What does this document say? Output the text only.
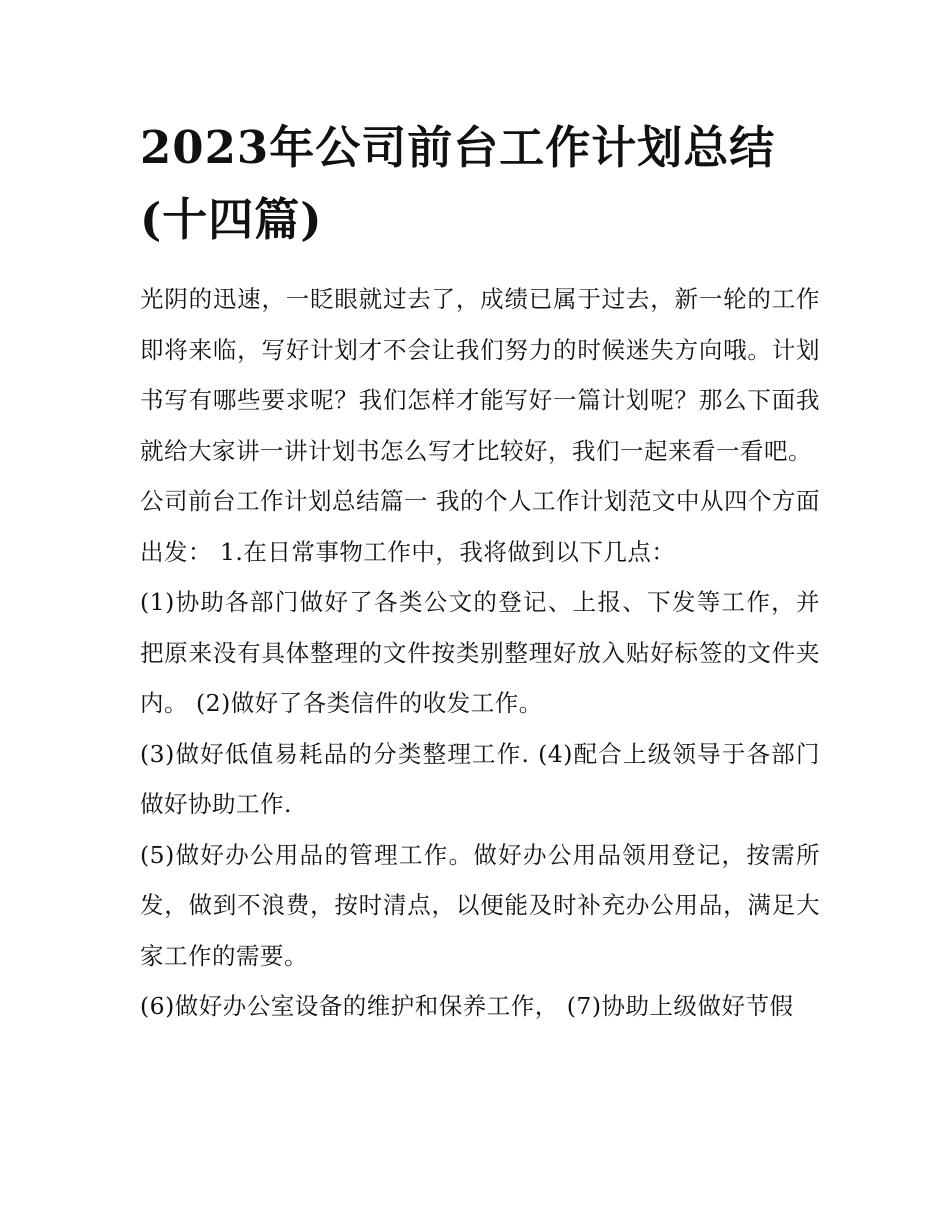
2023年公司前台工作计划总结(十四篇)

光阴的迅速，一眨眼就过去了，成绩已属于过去，新一轮的工作即将来临，写好计划才不会让我们努力的时候迷失方向哦。计划书写有哪些要求呢？我们怎样才能写好一篇计划呢？那么下面我就给大家讲一讲计划书怎么写才比较好，我们一起来看一看吧。

公司前台工作计划总结篇一 我的个人工作计划范文中从四个方面出发： 1.在日常事物工作中，我将做到以下几点：

(1)协助各部门做好了各类公文的登记、上报、下发等工作，并把原来没有具体整理的文件按类别整理好放入贴好标签的文件夹内。 (2)做好了各类信件的收发工作。

(3)做好低值易耗品的分类整理工作. (4)配合上级领导于各部门做好协助工作.

(5)做好办公用品的管理工作。做好办公用品领用登记，按需所发，做到不浪费，按时清点，以便能及时补充办公用品，满足大家工作的需要。

(6)做好办公室设备的维护和保养工作， (7)协助上级做好节假
